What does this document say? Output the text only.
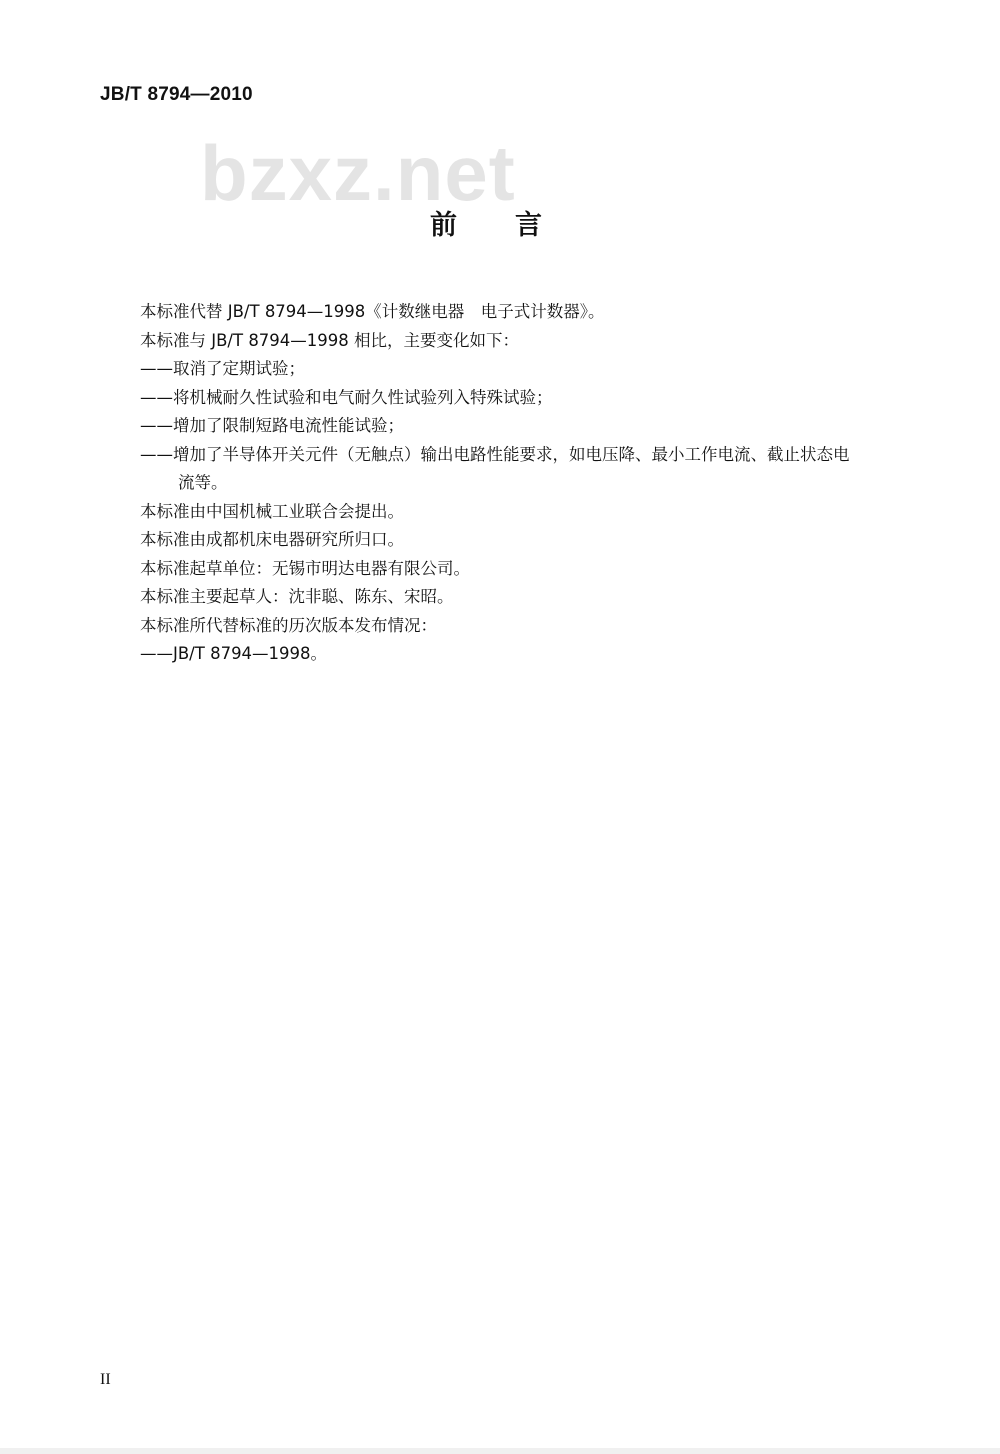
JB/T 8794—2010
bzxz.net
前言
本标准代替 JB/T 8794—1998《计数继电器　电子式计数器》。
本标准与 JB/T 8794—1998 相比，主要变化如下：
——取消了定期试验；
——将机械耐久性试验和电气耐久性试验列入特殊试验；
——增加了限制短路电流性能试验；
——增加了半导体开关元件（无触点）输出电路性能要求，如电压降、最小工作电流、截止状态电
流等。
本标准由中国机械工业联合会提出。
本标准由成都机床电器研究所归口。
本标准起草单位：无锡市明达电器有限公司。
本标准主要起草人：沈非聪、陈东、宋昭。
本标准所代替标准的历次版本发布情况：
——JB/T 8794—1998。
II
